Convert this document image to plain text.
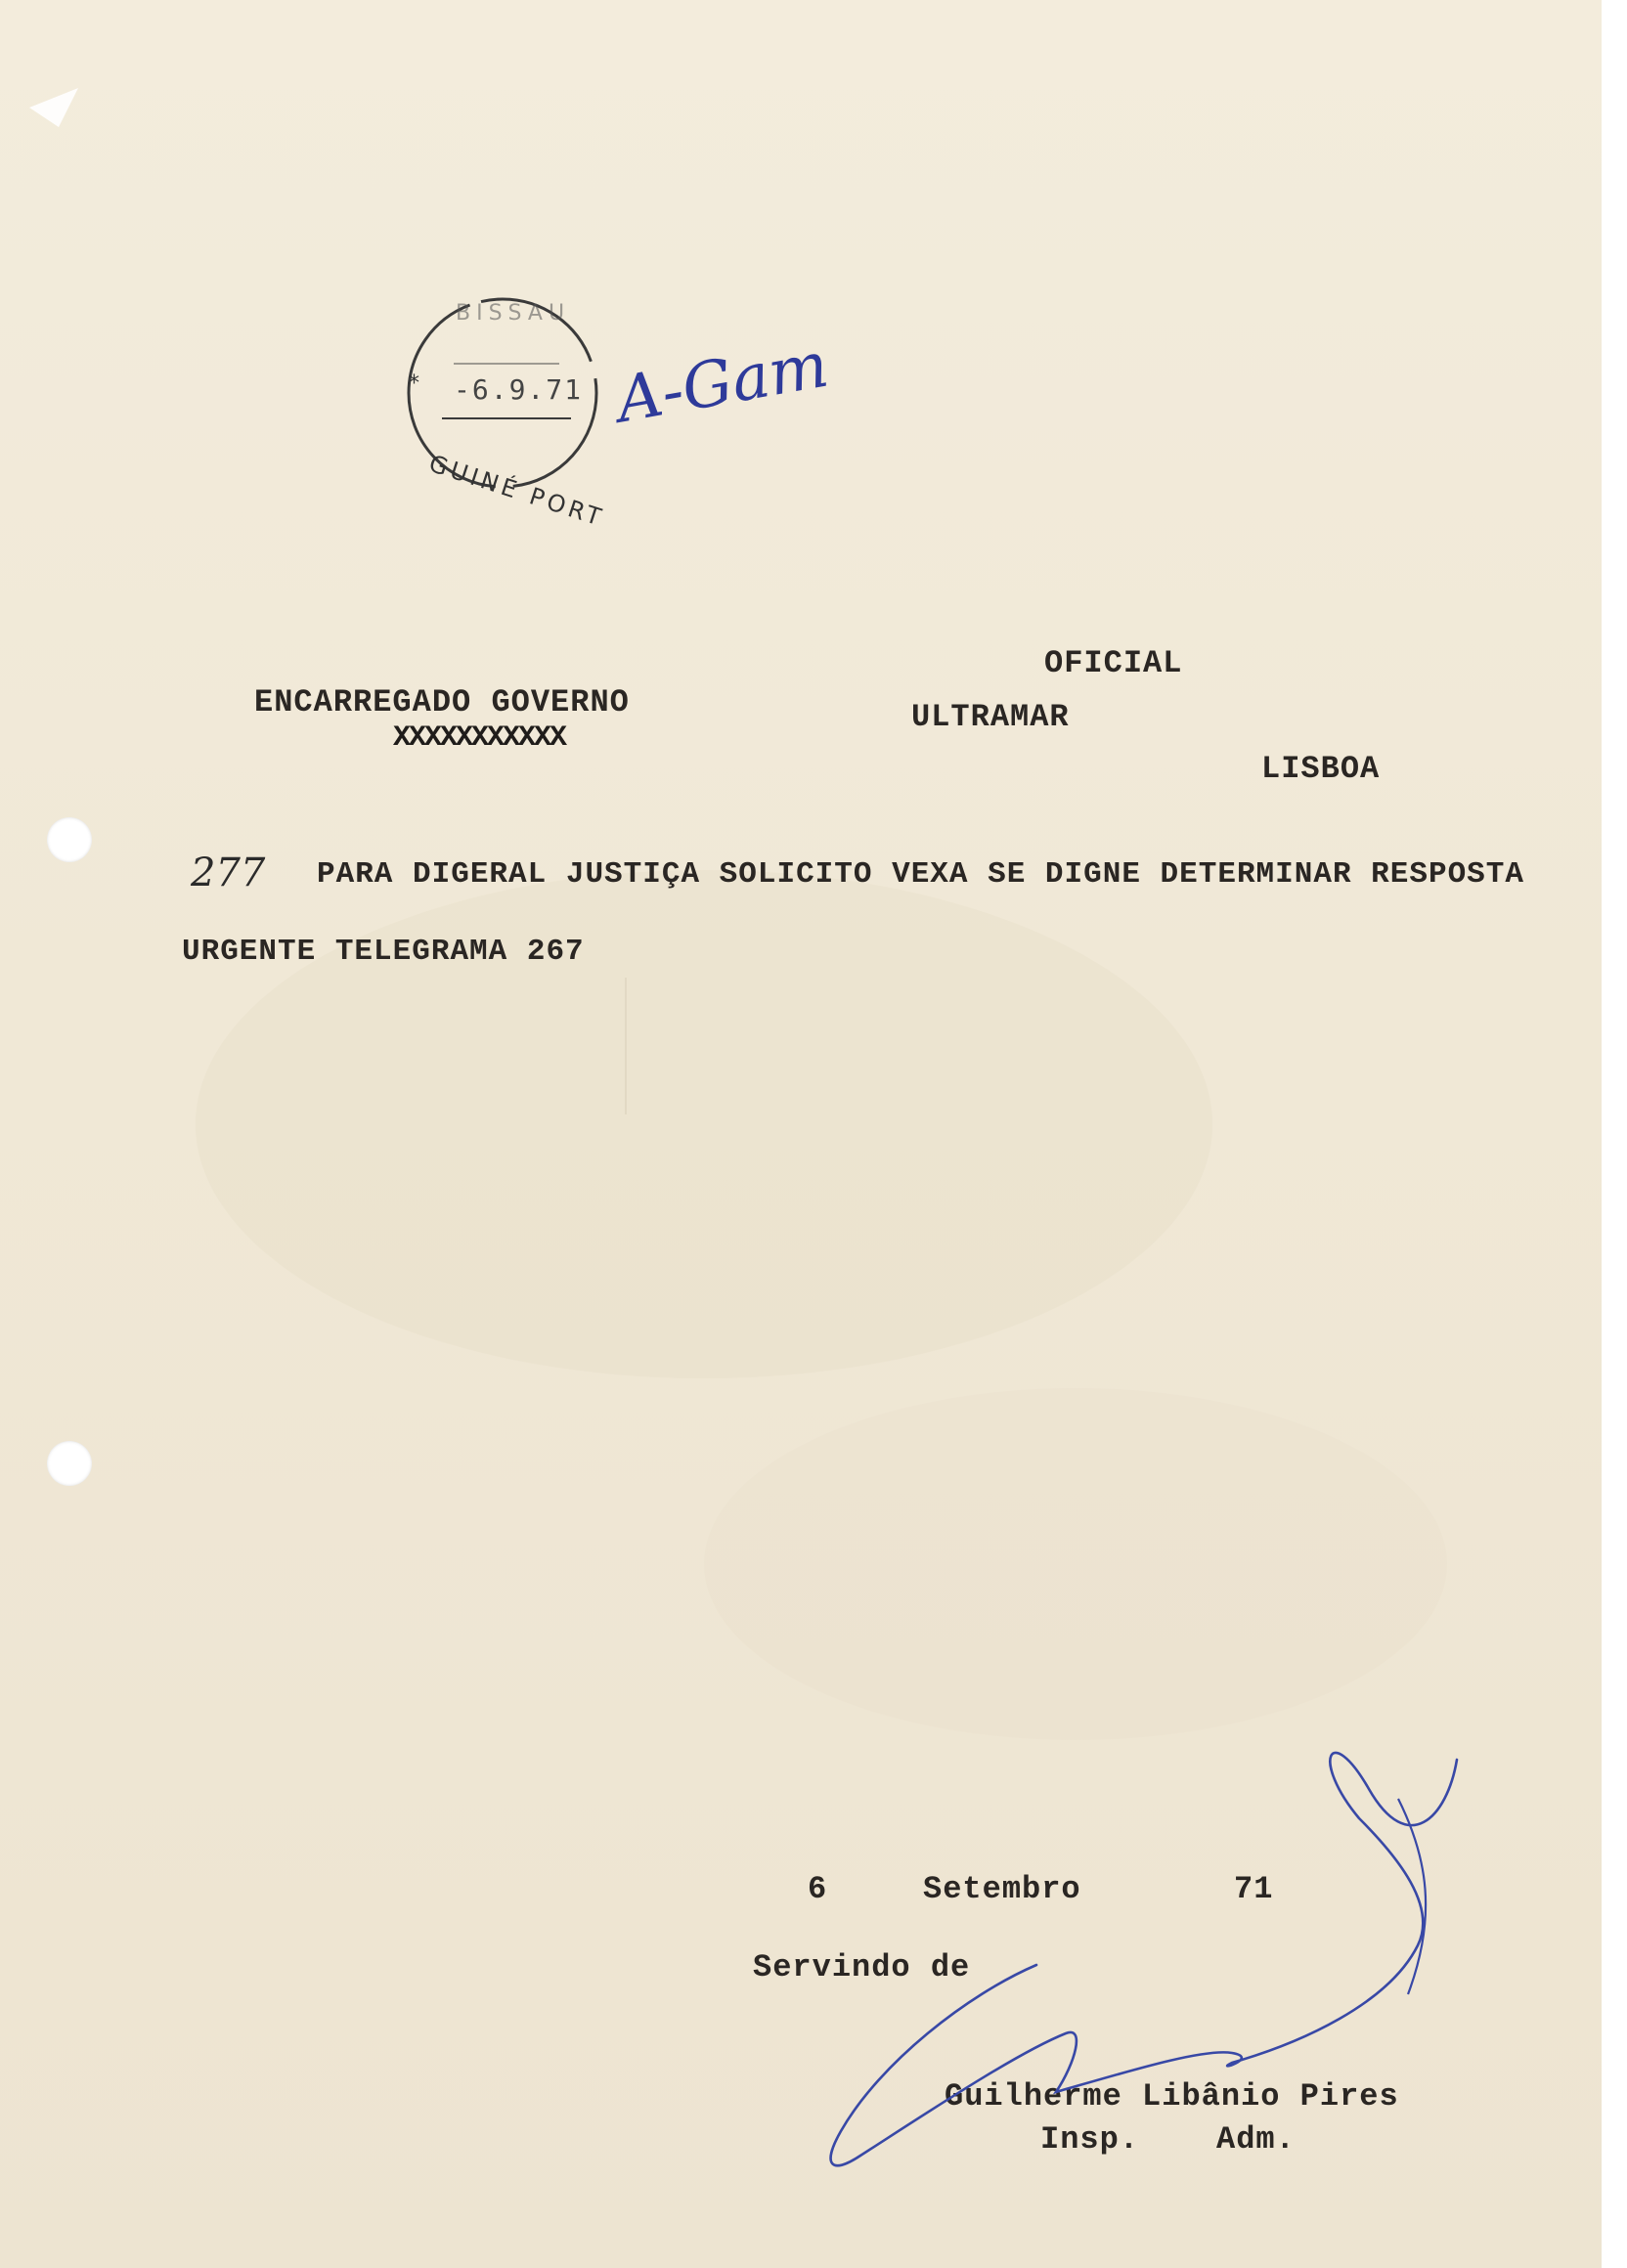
BISSAU
* -6.9.71
GUINÉ PORT
A-Gam
ENCARREGADO GOVERNO
XXXXXXXXXXX
OFICIAL
ULTRAMAR
LISBOA
277 PARA DIGERAL JUSTIÇA SOLICITO VEXA SE DIGNE DETERMINAR RESPOSTA
URGENTE TELEGRAMA 267
6	Setembro	71
Servindo de
Guilherme Libânio Pires
Insp. Adm.
